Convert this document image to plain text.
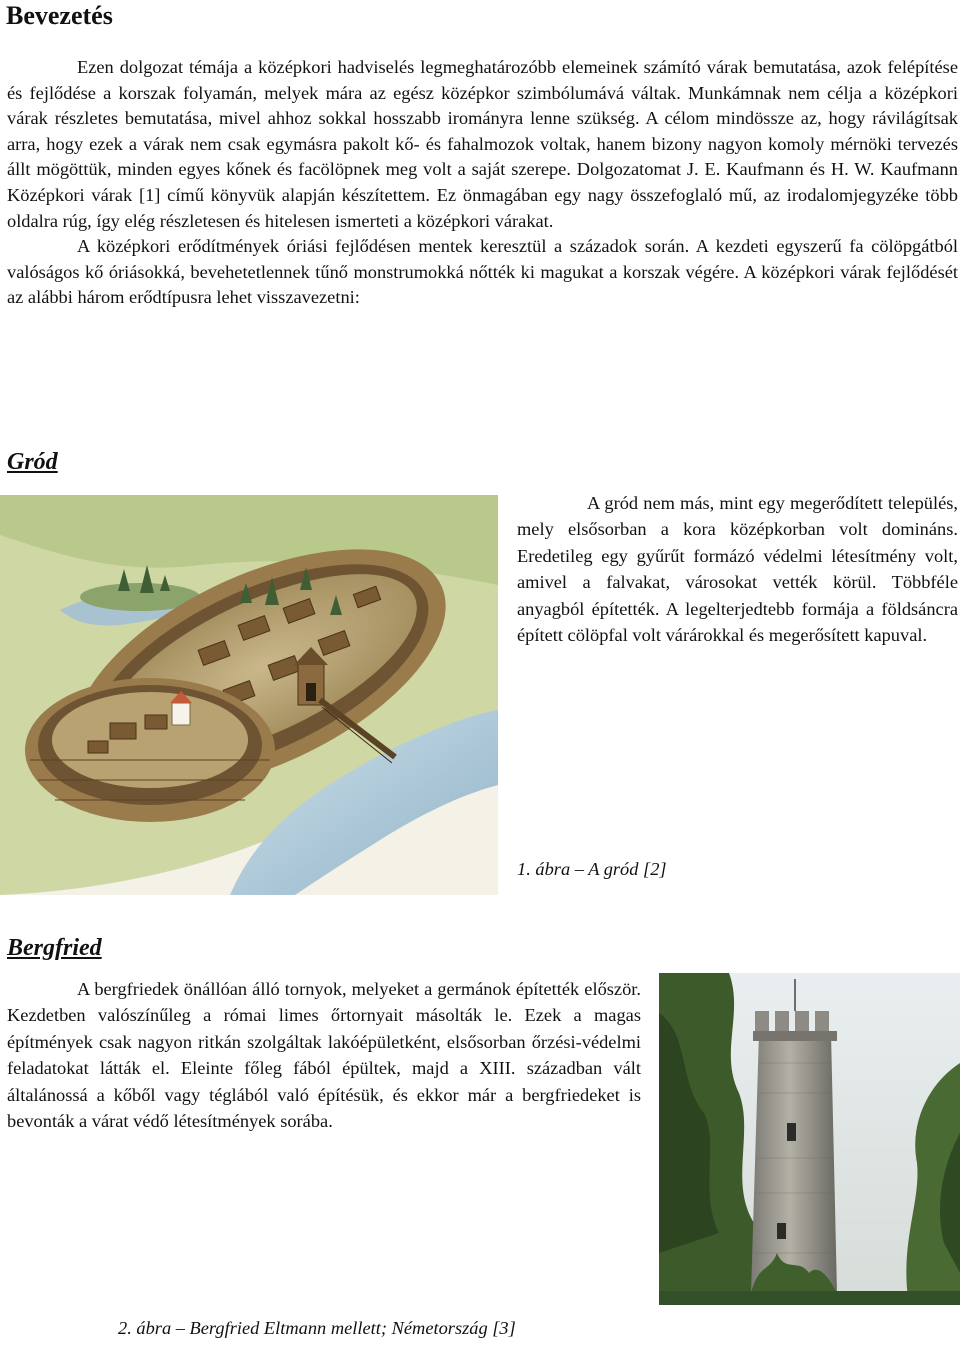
Bevezetés

Ezen dolgozat témája a középkori hadviselés legmeghatározóbb elemeinek számító várak bemutatása, azok felépítése és fejlődése a korszak folyamán, melyek mára az egész középkor szimbólumává váltak. Munkámnak nem célja a középkori várak részletes bemutatása, mivel ahhoz sokkal hosszabb irományra lenne szükség. A célom mindössze az, hogy rávilágítsak arra, hogy ezek a várak nem csak egymásra pakolt kő- és fahalmozok voltak, hanem bizony nagyon komoly mérnöki tervezés állt mögöttük, minden egyes kőnek és facölöpnek meg volt a saját szerepe. Dolgozatomat J. E. Kaufmann és H. W. Kaufmann Középkori várak [1] című könyvük alapján készítettem. Ez önmagában egy nagy összefoglaló mű, az irodalomjegyzéke több oldalra rúg, így elég részletesen és hitelesen ismerteti a középkori várakat.

A középkori erődítmények óriási fejlődésen mentek keresztül a századok során. A kezdeti egyszerű fa cölöpgátból valóságos kő óriásokká, bevehetetlennek tűnő monstrumokká nőtték ki magukat a korszak végére. A középkori várak fejlődését az alábbi három erődtípusra lehet visszavezetni:

Gród

A gród nem más, mint egy megerődített település, mely elsősorban a kora középkorban volt domináns. Eredetileg egy gyűrűt formázó védelmi létesítmény volt, amivel a falvakat, városokat vették körül. Többféle anyagból építették. A legelterjedtebb formája a földsáncra épített cölöpfal volt várárokkal és megerősített kapuval.

1. ábra – A gród [2]

Bergfried

A bergfriedek önállóan álló tornyok, melyeket a germánok építették először. Kezdetben valószínűleg a római limes őrtornyait másolták le. Ezek a magas építmények csak nagyon ritkán szolgáltak lakóépületként, elsősorban őrzési-védelmi feladatokat látták el. Eleinte főleg fából épültek, majd a XIII. században vált általánossá a kőből vagy téglából való építésük, és ekkor már a bergfriedeket is bevonták a várat védő létesítmények sorába.

2. ábra – Bergfried Eltmann mellett; Németország [3]
